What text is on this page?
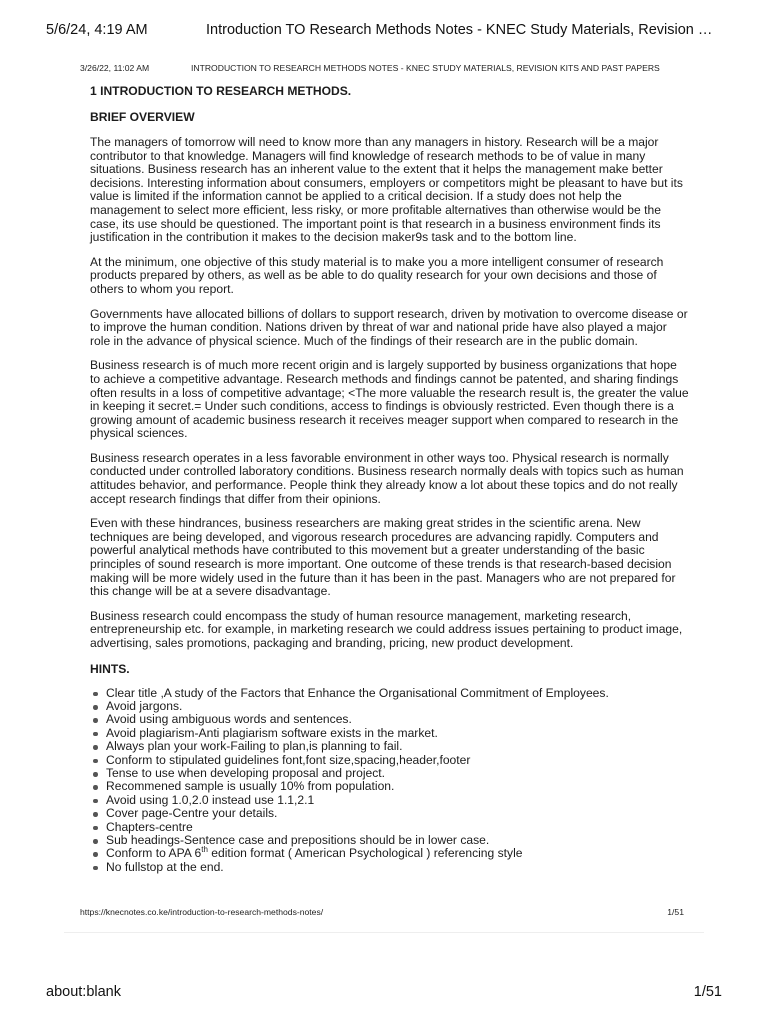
5/6/24, 4:19 AM	Introduction TO Research Methods Notes - KNEC Study Materials, Revision …
3/26/22, 11:02 AM	INTRODUCTION TO RESEARCH METHODS NOTES - KNEC STUDY MATERIALS, REVISION KITS AND PAST PAPERS
1 INTRODUCTION TO RESEARCH METHODS.
BRIEF OVERVIEW

The managers of tomorrow will need to know more than any managers in history. Research will be a major contributor to that knowledge. Managers will find knowledge of research methods to be of value in many situations. Business research has an inherent value to the extent that it helps the management make better decisions. Interesting information about consumers, employers or competitors might be pleasant to have but its value is limited if the information cannot be applied to a critical decision. If a study does not help the management to select more efficient, less risky, or more profitable alternatives than otherwise would be the case, its use should be questioned. The important point is that research in a business environment finds its justification in the contribution it makes to the decision maker9s task and to the bottom line.

At the minimum, one objective of this study material is to make you a more intelligent consumer of research products prepared by others, as well as be able to do quality research for your own decisions and those of others to whom you report.

Governments have allocated billions of dollars to support research, driven by motivation to overcome disease or to improve the human condition. Nations driven by threat of war and national pride have also played a major role in the advance of physical science. Much of the findings of their research are in the public domain.

Business research is of much more recent origin and is largely supported by business organizations that hope to achieve a competitive advantage. Research methods and findings cannot be patented, and sharing findings often results in a loss of competitive advantage; <The more valuable the research result is, the greater the value in keeping it secret.= Under such conditions, access to findings is obviously restricted. Even though there is a growing amount of academic business research it receives meager support when compared to research in the physical sciences.

Business research operates in a less favorable environment in other ways too. Physical research is normally conducted under controlled laboratory conditions. Business research normally deals with topics such as human attitudes behavior, and performance. People think they already know a lot about these topics and do not really accept research findings that differ from their opinions.

Even with these hindrances, business researchers are making great strides in the scientific arena. New techniques are being developed, and vigorous research procedures are advancing rapidly. Computers and powerful analytical methods have contributed to this movement but a greater understanding of the basic principles of sound research is more important. One outcome of these trends is that research-based decision making will be more widely used in the future than it has been in the past. Managers who are not prepared for this change will be at a severe disadvantage.

Business research could encompass the study of human resource management, marketing research, entrepreneurship etc. for example, in marketing research we could address issues pertaining to product image, advertising, sales promotions, packaging and branding, pricing, new product development.

HINTS.
Clear title ,A study of the Factors that Enhance the Organisational Commitment of Employees.
Avoid jargons.
Avoid using ambiguous words and sentences.
Avoid plagiarism-Anti plagiarism software exists in the market.
Always plan your work-Failing to plan,is planning to fail.
Conform to stipulated guidelines font,font size,spacing,header,footer
Tense to use when developing proposal and project.
Recommened sample is usually 10% from population.
Avoid using 1.0,2.0 instead use 1.1,2.1
Cover page-Centre your details.
Chapters-centre
Sub headings-Sentence case and prepositions should be in lower case.
Conform to APA 6th edition format ( American Psychological ) referencing style
No fullstop at the end.
https://knecnotes.co.ke/introduction-to-research-methods-notes/	1/51
about:blank	1/51
